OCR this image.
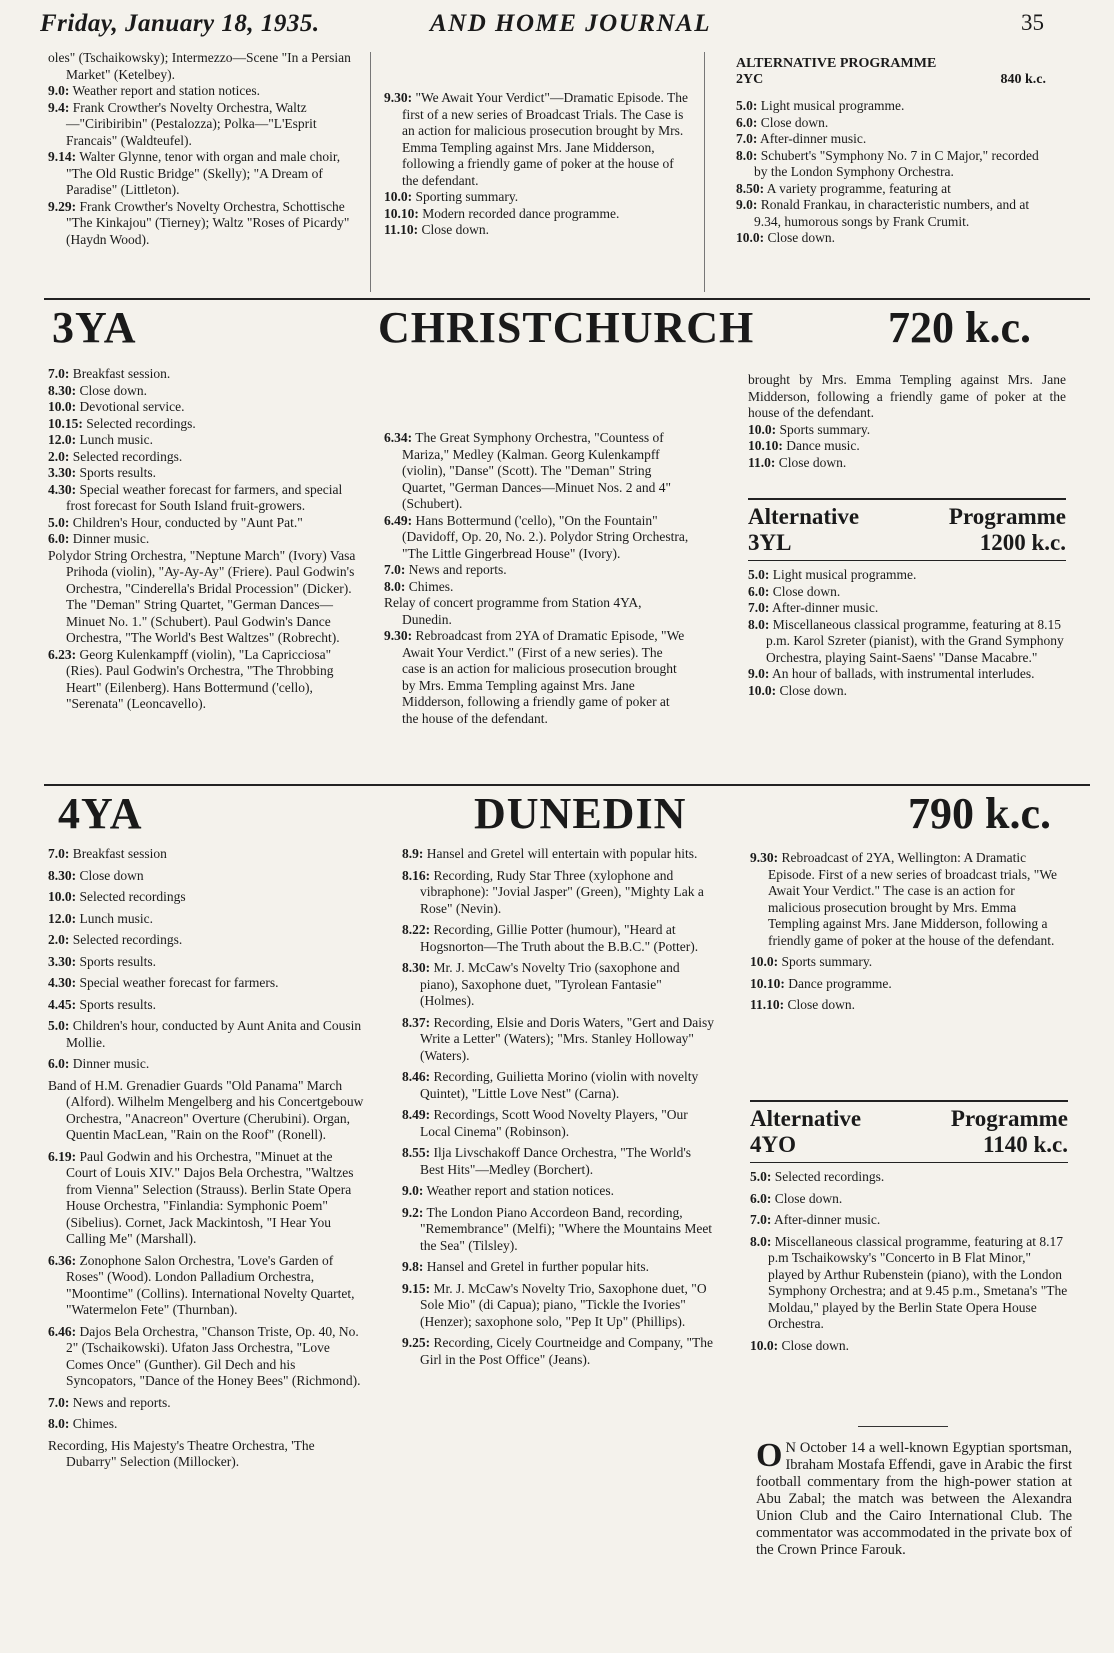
Friday, January 18, 1935.	AND HOME JOURNAL	35
oles" (Tschaikowsky); Intermezzo—Scene "In a Persian Market" (Ketelbey).
9.0: Weather report and station notices.
9.4: Frank Crowther's Novelty Orchestra, Waltz—"Ciribiribin" (Pestalozza); Polka—"L'Esprit Francais" (Waldteufel).
9.14: Walter Glynne, tenor with organ and male choir, "The Old Rustic Bridge" (Skelly); "A Dream of Paradise" (Littleton).
9.29: Frank Crowther's Novelty Orchestra, Schottische "The Kinkajou" (Tierney); Waltz "Roses of Picardy" (Haydn Wood).
9.30: "We Await Your Verdict"—Dramatic Episode. The first of a new series of Broadcast Trials. The Case is an action for malicious prosecution brought by Mrs. Emma Templing against Mrs. Jane Midderson, following a friendly game of poker at the house of the defendant.
10.0: Sporting summary.
10.10: Modern recorded dance programme.
11.10: Close down.
ALTERNATIVE PROGRAMME
2YC	840 k.c.
5.0: Light musical programme.
6.0: Close down.
7.0: After-dinner music.
8.0: Schubert's "Symphony No. 7 in C Major," recorded by the London Symphony Orchestra.
8.50: A variety programme, featuring at
9.0: Ronald Frankau, in characteristic numbers, and at 9.34, humorous songs by Frank Crumit.
10.0: Close down.
3YA	CHRISTCHURCH	720 k.c.
7.0: Breakfast session.
8.30: Close down.
10.0: Devotional service.
10.15: Selected recordings.
12.0: Lunch music.
2.0: Selected recordings.
3.30: Sports results.
4.30: Special weather forecast for farmers, and special frost forecast for South Island fruit-growers.
5.0: Children's Hour, conducted by "Aunt Pat."
6.0: Dinner music.
Polydor String Orchestra, "Neptune March" (Ivory) Vasa Prihoda (violin), "Ay-Ay-Ay" (Friere). Paul Godwin's Orchestra, "Cinderella's Bridal Procession" (Dicker). The "Deman" String Quartet, "German Dances—Minuet No. 1." (Schubert). Paul Godwin's Dance Orchestra, "The World's Best Waltzes" (Robrecht).
6.23: Georg Kulenkampff (violin), "La Capricciosa" (Ries). Paul Godwin's Orchestra, "The Throbbing Heart" (Eilenberg). Hans Bottermund ('cello), "Serenata" (Leoncavello).
6.34: The Great Symphony Orchestra, "Countess of Mariza," Medley (Kalman. Georg Kulenkampff (violin), "Danse" (Scott). The "Deman" String Quartet, "German Dances—Minuet Nos. 2 and 4" (Schubert).
6.49: Hans Bottermund ('cello), "On the Fountain" (Davidoff, Op. 20, No. 2.). Polydor String Orchestra, "The Little Gingerbread House" (Ivory).
7.0: News and reports.
8.0: Chimes.
Relay of concert programme from Station 4YA, Dunedin.
9.30: Rebroadcast from 2YA of Dramatic Episode, "We Await Your Verdict." (First of a new series). The case is an action for malicious prosecution brought by Mrs. Emma Templing against Mrs. Jane Midderson, following a friendly game of poker at the house of the defendant.
brought by Mrs. Emma Templing against Mrs. Jane Midderson, following a friendly game of poker at the house of the defendant.
10.0: Sports summary.
10.10: Dance music.
11.0: Close down.
Alternative	Programme
3YL	1200 k.c.
5.0: Light musical programme.
6.0: Close down.
7.0: After-dinner music.
8.0: Miscellaneous classical programme, featuring at 8.15 p.m. Karol Szreter (pianist), with the Grand Symphony Orchestra, playing Saint-Saens' "Danse Macabre."
9.0: An hour of ballads, with instrumental interludes.
10.0: Close down.
4YA	DUNEDIN	790 k.c.
7.0: Breakfast session
8.30: Close down
10.0: Selected recordings
12.0: Lunch music.
2.0: Selected recordings.
3.30: Sports results.
4.30: Special weather forecast for farmers.
4.45: Sports results.
5.0: Children's hour, conducted by Aunt Anita and Cousin Mollie.
6.0: Dinner music.
Band of H.M. Grenadier Guards "Old Panama" March (Alford). Wilhelm Mengelberg and his Concertgebouw Orchestra, "Anacreon" Overture (Cherubini). Organ, Quentin MacLean, "Rain on the Roof" (Ronell).
6.19: Paul Godwin and his Orchestra, "Minuet at the Court of Louis XIV." Dajos Bela Orchestra, "Waltzes from Vienna" Selection (Strauss). Berlin State Opera House Orchestra, "Finlandia: Symphonic Poem" (Sibelius). Cornet, Jack Mackintosh, "I Hear You Calling Me" (Marshall).
6.36: Zonophone Salon Orchestra, 'Love's Garden of Roses" (Wood). London Palladium Orchestra, "Moontime" (Collins). International Novelty Quartet, "Watermelon Fete" (Thurnban).
6.46: Dajos Bela Orchestra, "Chanson Triste, Op. 40, No. 2" (Tschaikowski). Ufaton Jass Orchestra, "Love Comes Once" (Gunther). Gil Dech and his Syncopators, "Dance of the Honey Bees" (Richmond).
7.0: News and reports.
8.0: Chimes.
Recording, His Majesty's Theatre Orchestra, 'The Dubarry" Selection (Millocker).
8.9: Hansel and Gretel will entertain with popular hits.
8.16: Recording, Rudy Star Three (xylophone and vibraphone): "Jovial Jasper" (Green), "Mighty Lak a Rose" (Nevin).
8.22: Recording, Gillie Potter (humour), "Heard at Hogsnorton—The Truth about the B.B.C." (Potter).
8.30: Mr. J. McCaw's Novelty Trio (saxophone and piano), Saxophone duet, "Tyrolean Fantasie" (Holmes).
8.37: Recording, Elsie and Doris Waters, "Gert and Daisy Write a Letter" (Waters); "Mrs. Stanley Holloway" (Waters).
8.46: Recording, Guilietta Morino (violin with novelty Quintet), "Little Love Nest" (Carna).
8.49: Recordings, Scott Wood Novelty Players, "Our Local Cinema" (Robinson).
8.55: Ilja Livschakoff Dance Orchestra, "The World's Best Hits"—Medley (Borchert).
9.0: Weather report and station notices.
9.2: The London Piano Accordeon Band, recording, "Remembrance" (Melfi); "Where the Mountains Meet the Sea" (Tilsley).
9.8: Hansel and Gretel in further popular hits.
9.15: Mr. J. McCaw's Novelty Trio, Saxophone duet, "O Sole Mio" (di Capua); piano, "Tickle the Ivories" (Henzer); saxophone solo, "Pep It Up" (Phillips).
9.25: Recording, Cicely Courtneidge and Company, "The Girl in the Post Office" (Jeans).
9.30: Rebroadcast of 2YA, Wellington: A Dramatic Episode. First of a new series of broadcast trials, "We Await Your Verdict." The case is an action for malicious prosecution brought by Mrs. Emma Templing against Mrs. Jane Midderson, following a friendly game of poker at the house of the defendant.
10.0: Sports summary.
10.10: Dance programme.
11.10: Close down.
Alternative	Programme
4YO	1140 k.c.
5.0: Selected recordings.
6.0: Close down.
7.0: After-dinner music.
8.0: Miscellaneous classical programme, featuring at 8.17 p.m Tschaikowsky's "Concerto in B Flat Minor," played by Arthur Rubenstein (piano), with the London Symphony Orchestra; and at 9.45 p.m., Smetana's "The Moldau," played by the Berlin State Opera House Orchestra.
10.0: Close down.
O N October 14 a well-known Egyptian sportsman, Ibraham Mostafa Effendi, gave in Arabic the first football commentary from the high-power station at Abu Zabal; the match was between the Alexandra Union Club and the Cairo International Club. The commentator was accommodated in the private box of the Crown Prince Farouk.
